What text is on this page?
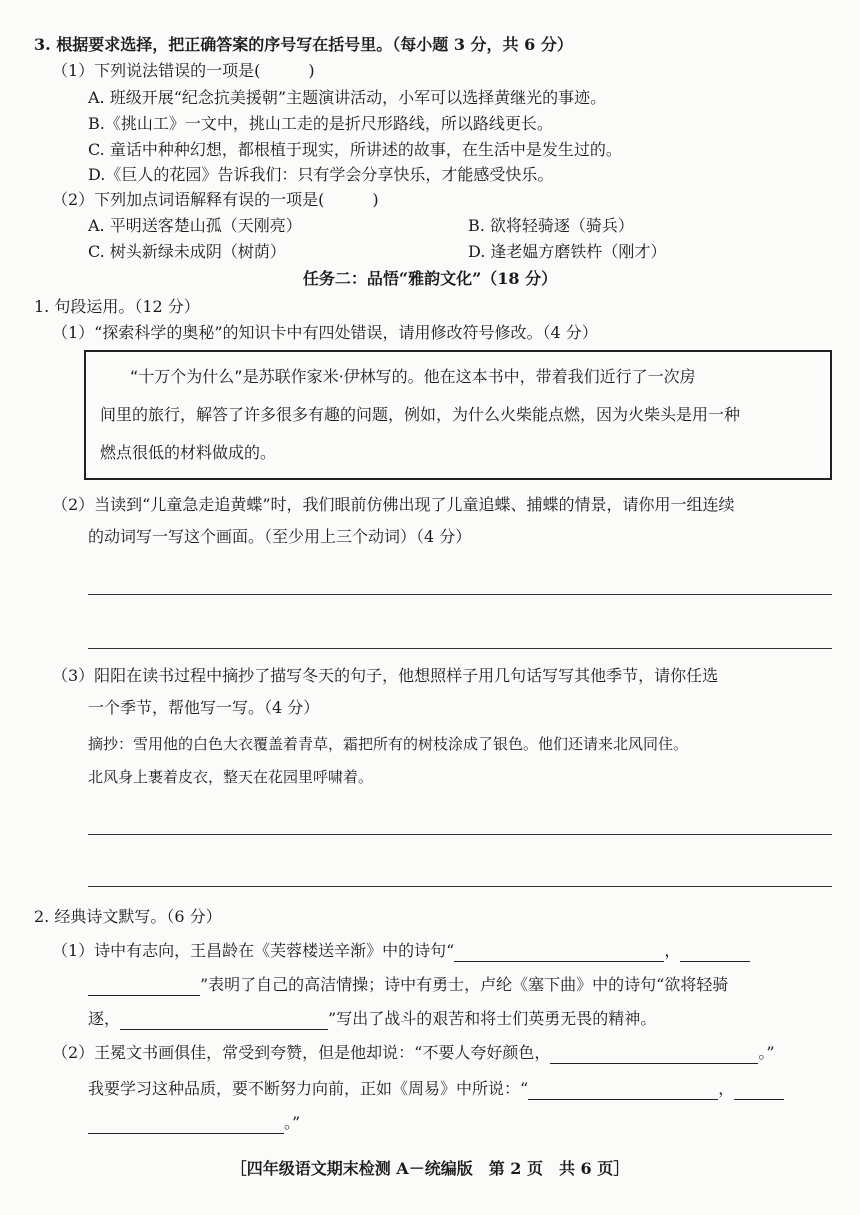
3. 根据要求选择，把正确答案的序号写在括号里。（每小题 3 分，共 6 分）
（1）下列说法错误的一项是(　　　)
A. 班级开展“纪念抗美援朝”主题演讲活动，小军可以选择黄继光的事迹。
B.《挑山工》一文中，挑山工走的是折尺形路线，所以路线更长。
C. 童话中种种幻想，都根植于现实，所讲述的故事，在生活中是发生过的。
D.《巨人的花园》告诉我们：只有学会分享快乐，才能感受快乐。
（2）下列加点词语解释有误的一项是(　　　)
A. 平明送客楚山孤（天刚亮）	B. 欲将轻骑逐（骑兵）
C. 树头新绿未成阴（树荫）	D. 逢老媪方磨铁杵（刚才）
任务二：品悟“雅韵文化”（18 分）
1. 句段运用。（12 分）
（1）“探索科学的奥秘”的知识卡中有四处错误，请用修改符号修改。（4 分）
“十万个为什么”是苏联作家米·伊林写的。他在这本书中，带着我们近行了一次房
间里的旅行，解答了许多很多有趣的问题，例如，为什么火柴能点燃，因为火柴头是用一种
燃点很低的材料做成的。
（2）当读到“儿童急走追黄蝶”时，我们眼前仿佛出现了儿童追蝶、捕蝶的情景，请你用一组连续
的动词写一写这个画面。（至少用上三个动词）（4 分）
（3）阳阳在读书过程中摘抄了描写冬天的句子，他想照样子用几句话写写其他季节，请你任选
一个季节，帮他写一写。（4 分）
摘抄：雪用他的白色大衣覆盖着青草，霜把所有的树枝涂成了银色。他们还请来北风同住。
北风身上裹着皮衣，整天在花园里呼啸着。
2. 经典诗文默写。（6 分）
（1）诗中有志向，王昌龄在《芙蓉楼送辛渐》中的诗句“	，
”表明了自己的高洁情操；诗中有勇士，卢纶《塞下曲》中的诗句“欲将轻骑
逐，	”写出了战斗的艰苦和将士们英勇无畏的精神。
（2）王冕文书画俱佳，常受到夸赞，但是他却说：“不要人夸好颜色，	。”
我要学习这种品质，要不断努力向前，正如《周易》中所说：“	，
。”
［四年级语文期末检测 A－统编版　第 2 页　共 6 页］
